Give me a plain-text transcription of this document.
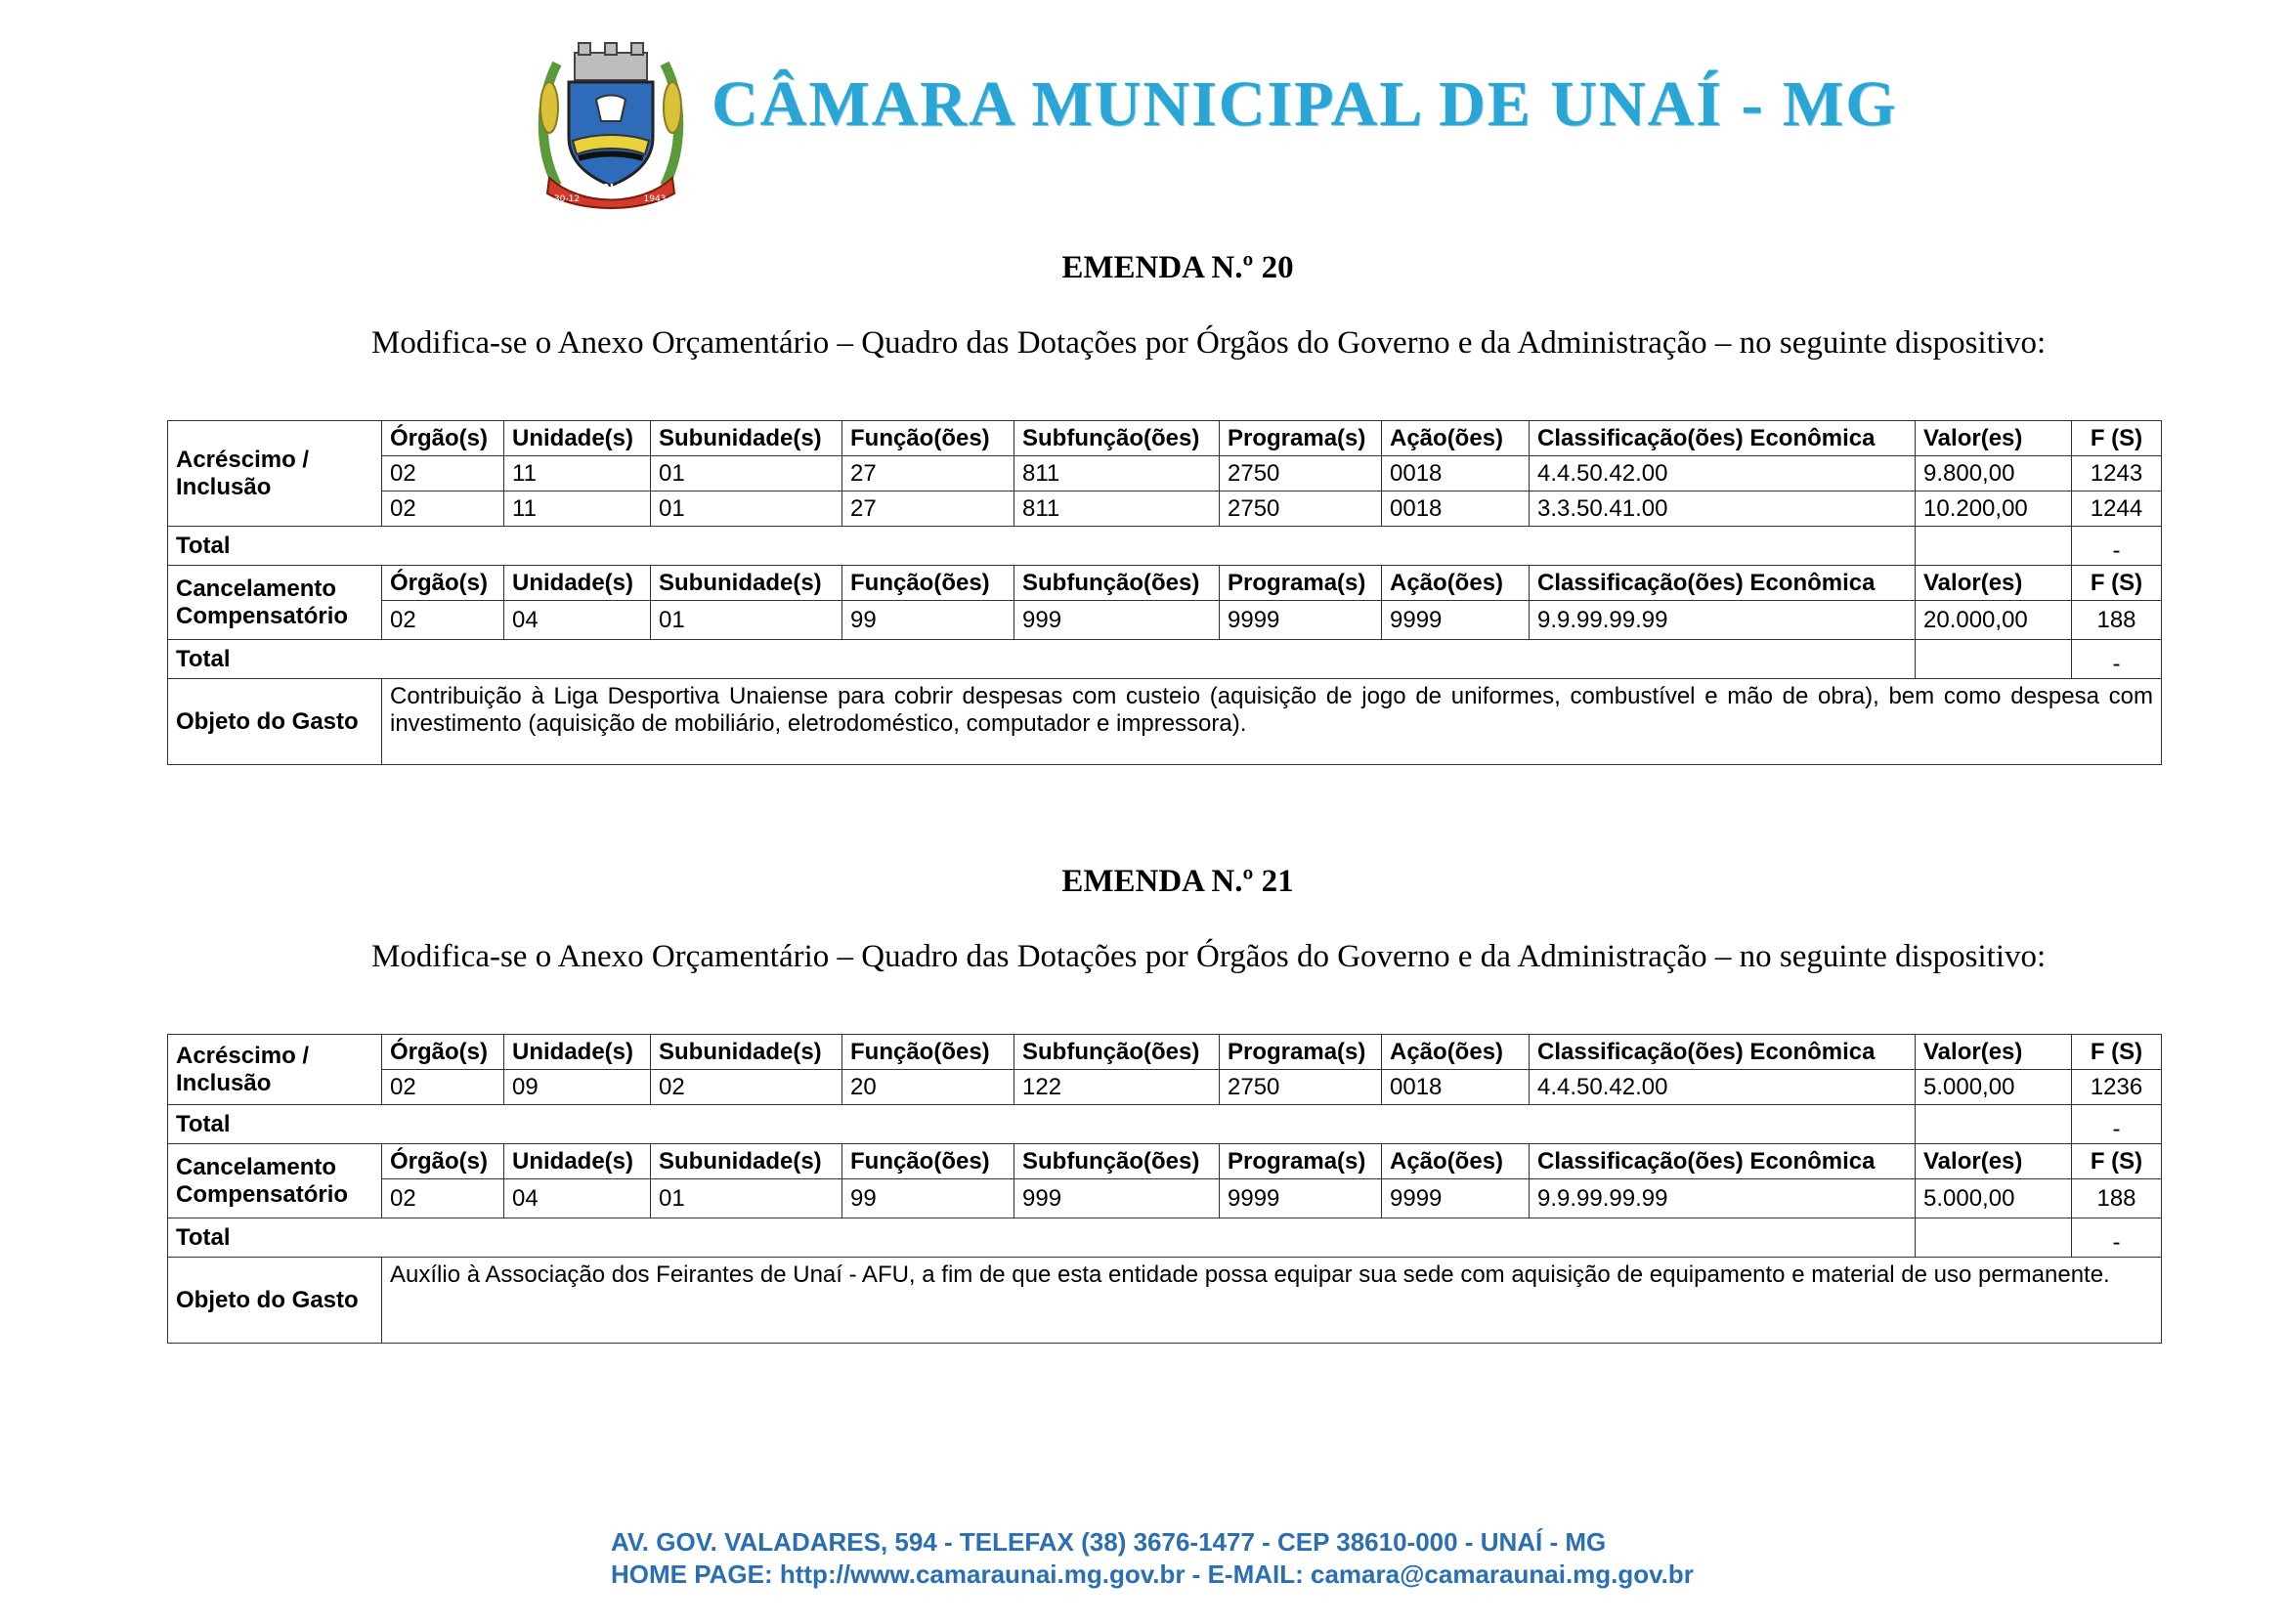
UNAÍ
30-12	1943
CÂMARA MUNICIPAL DE UNAÍ - MG
EMENDA N.º 20
Modifica-se o Anexo Orçamentário – Quadro das Dotações por Órgãos do Governo e da Administração – no seguinte dispositivo:
Acréscimo / Inclusão	Órgão(s)	Unidade(s)	Subunidade(s)	Função(ões)	Subfunção(ões)	Programa(s)	Ação(ões)	Classificação(ões) Econômica	Valor(es)	F (S)
	02	11	01	27	811	2750	0018	4.4.50.42.00	9.800,00	1243
	02	11	01	27	811	2750	0018	3.3.50.41.00	10.200,00	1244
Total										-
Cancelamento Compensatório	Órgão(s)	Unidade(s)	Subunidade(s)	Função(ões)	Subfunção(ões)	Programa(s)	Ação(ões)	Classificação(ões) Econômica	Valor(es)	F (S)
	02	04	01	99	999	9999	9999	9.9.99.99.99	20.000,00	188
Total										-
Objeto do Gasto	Contribuição à Liga Desportiva Unaiense para cobrir despesas com custeio (aquisição de jogo de uniformes, combustível e mão de obra), bem como despesa com investimento (aquisição de mobiliário, eletrodoméstico, computador e impressora).									
EMENDA N.º 21
Modifica-se o Anexo Orçamentário – Quadro das Dotações por Órgãos do Governo e da Administração – no seguinte dispositivo:
Acréscimo / Inclusão	Órgão(s)	Unidade(s)	Subunidade(s)	Função(ões)	Subfunção(ões)	Programa(s)	Ação(ões)	Classificação(ões) Econômica	Valor(es)	F (S)
	02	09	02	20	122	2750	0018	4.4.50.42.00	5.000,00	1236
Total										-
Cancelamento Compensatório	Órgão(s)	Unidade(s)	Subunidade(s)	Função(ões)	Subfunção(ões)	Programa(s)	Ação(ões)	Classificação(ões) Econômica	Valor(es)	F (S)
	02	04	01	99	999	9999	9999	9.9.99.99.99	5.000,00	188
Total										-
Objeto do Gasto	Auxílio à Associação dos Feirantes de Unaí - AFU, a fim de que esta entidade possa equipar sua sede com aquisição de equipamento e material de uso permanente.									
AV. GOV. VALADARES, 594 - TELEFAX (38) 3676-1477 - CEP 38610-000 - UNAÍ - MG
HOME PAGE: http://www.camaraunai.mg.gov.br - E-MAIL: camara@camaraunai.mg.gov.br
